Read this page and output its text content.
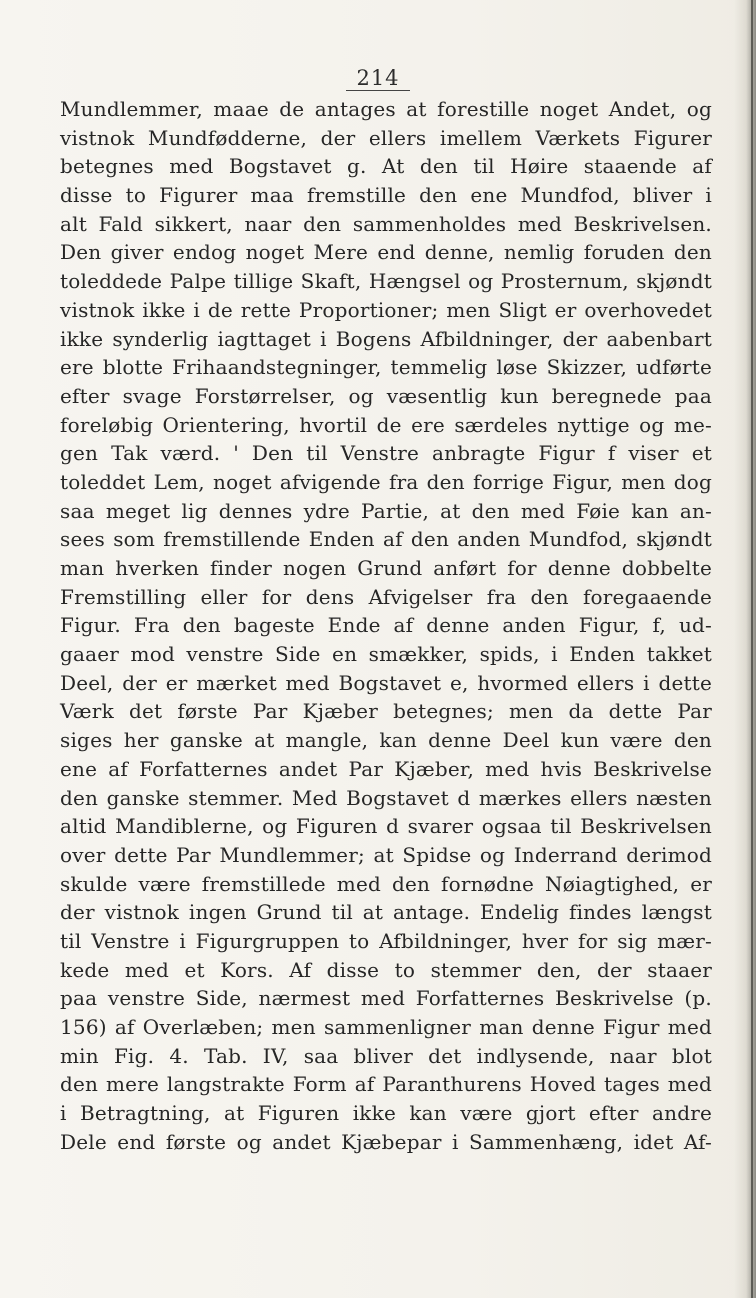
214
Mundlemmer, maae de antages at forestille noget Andet, og
vistnok Mundfødderne, der ellers imellem Værkets Figurer
betegnes med Bogstavet g. At den til Høire staaende af
disse to Figurer maa fremstille den ene Mundfod, bliver i
alt Fald sikkert, naar den sammenholdes med Beskrivelsen.
Den giver endog noget Mere end denne, nemlig foruden den
toleddede Palpe tillige Skaft, Hængsel og Prosternum, skjøndt
vistnok ikke i de rette Proportioner; men Sligt er overhovedet
ikke synderlig iagttaget i Bogens Afbildninger, der aabenbart
ere blotte Frihaandstegninger, temmelig løse Skizzer, udførte
efter svage Forstørrelser, og væsentlig kun beregnede paa
foreløbig Orientering, hvortil de ere særdeles nyttige og me-
gen Tak værd. ' Den til Venstre anbragte Figur f viser et
toleddet Lem, noget afvigende fra den forrige Figur, men dog
saa meget lig dennes ydre Partie, at den med Føie kan an-
sees som fremstillende Enden af den anden Mundfod, skjøndt
man hverken finder nogen Grund anført for denne dobbelte
Fremstilling eller for dens Afvigelser fra den foregaaende
Figur. Fra den bageste Ende af denne anden Figur, f, ud-
gaaer mod venstre Side en smækker, spids, i Enden takket
Deel, der er mærket med Bogstavet e, hvormed ellers i dette
Værk det første Par Kjæber betegnes; men da dette Par
siges her ganske at mangle, kan denne Deel kun være den
ene af Forfatternes andet Par Kjæber, med hvis Beskrivelse
den ganske stemmer. Med Bogstavet d mærkes ellers næsten
altid Mandiblerne, og Figuren d svarer ogsaa til Beskrivelsen
over dette Par Mundlemmer; at Spidse og Inderrand derimod
skulde være fremstillede med den fornødne Nøiagtighed, er
der vistnok ingen Grund til at antage. Endelig findes længst
til Venstre i Figurgruppen to Afbildninger, hver for sig mær-
kede med et Kors. Af disse to stemmer den, der staaer
paa venstre Side, nærmest med Forfatternes Beskrivelse (p.
156) af Overlæben; men sammenligner man denne Figur med
min Fig. 4. Tab. IV, saa bliver det indlysende, naar blot
den mere langstrakte Form af Paranthurens Hoved tages med
i Betragtning, at Figuren ikke kan være gjort efter andre
Dele end første og andet Kjæbepar i Sammenhæng, idet Af-
